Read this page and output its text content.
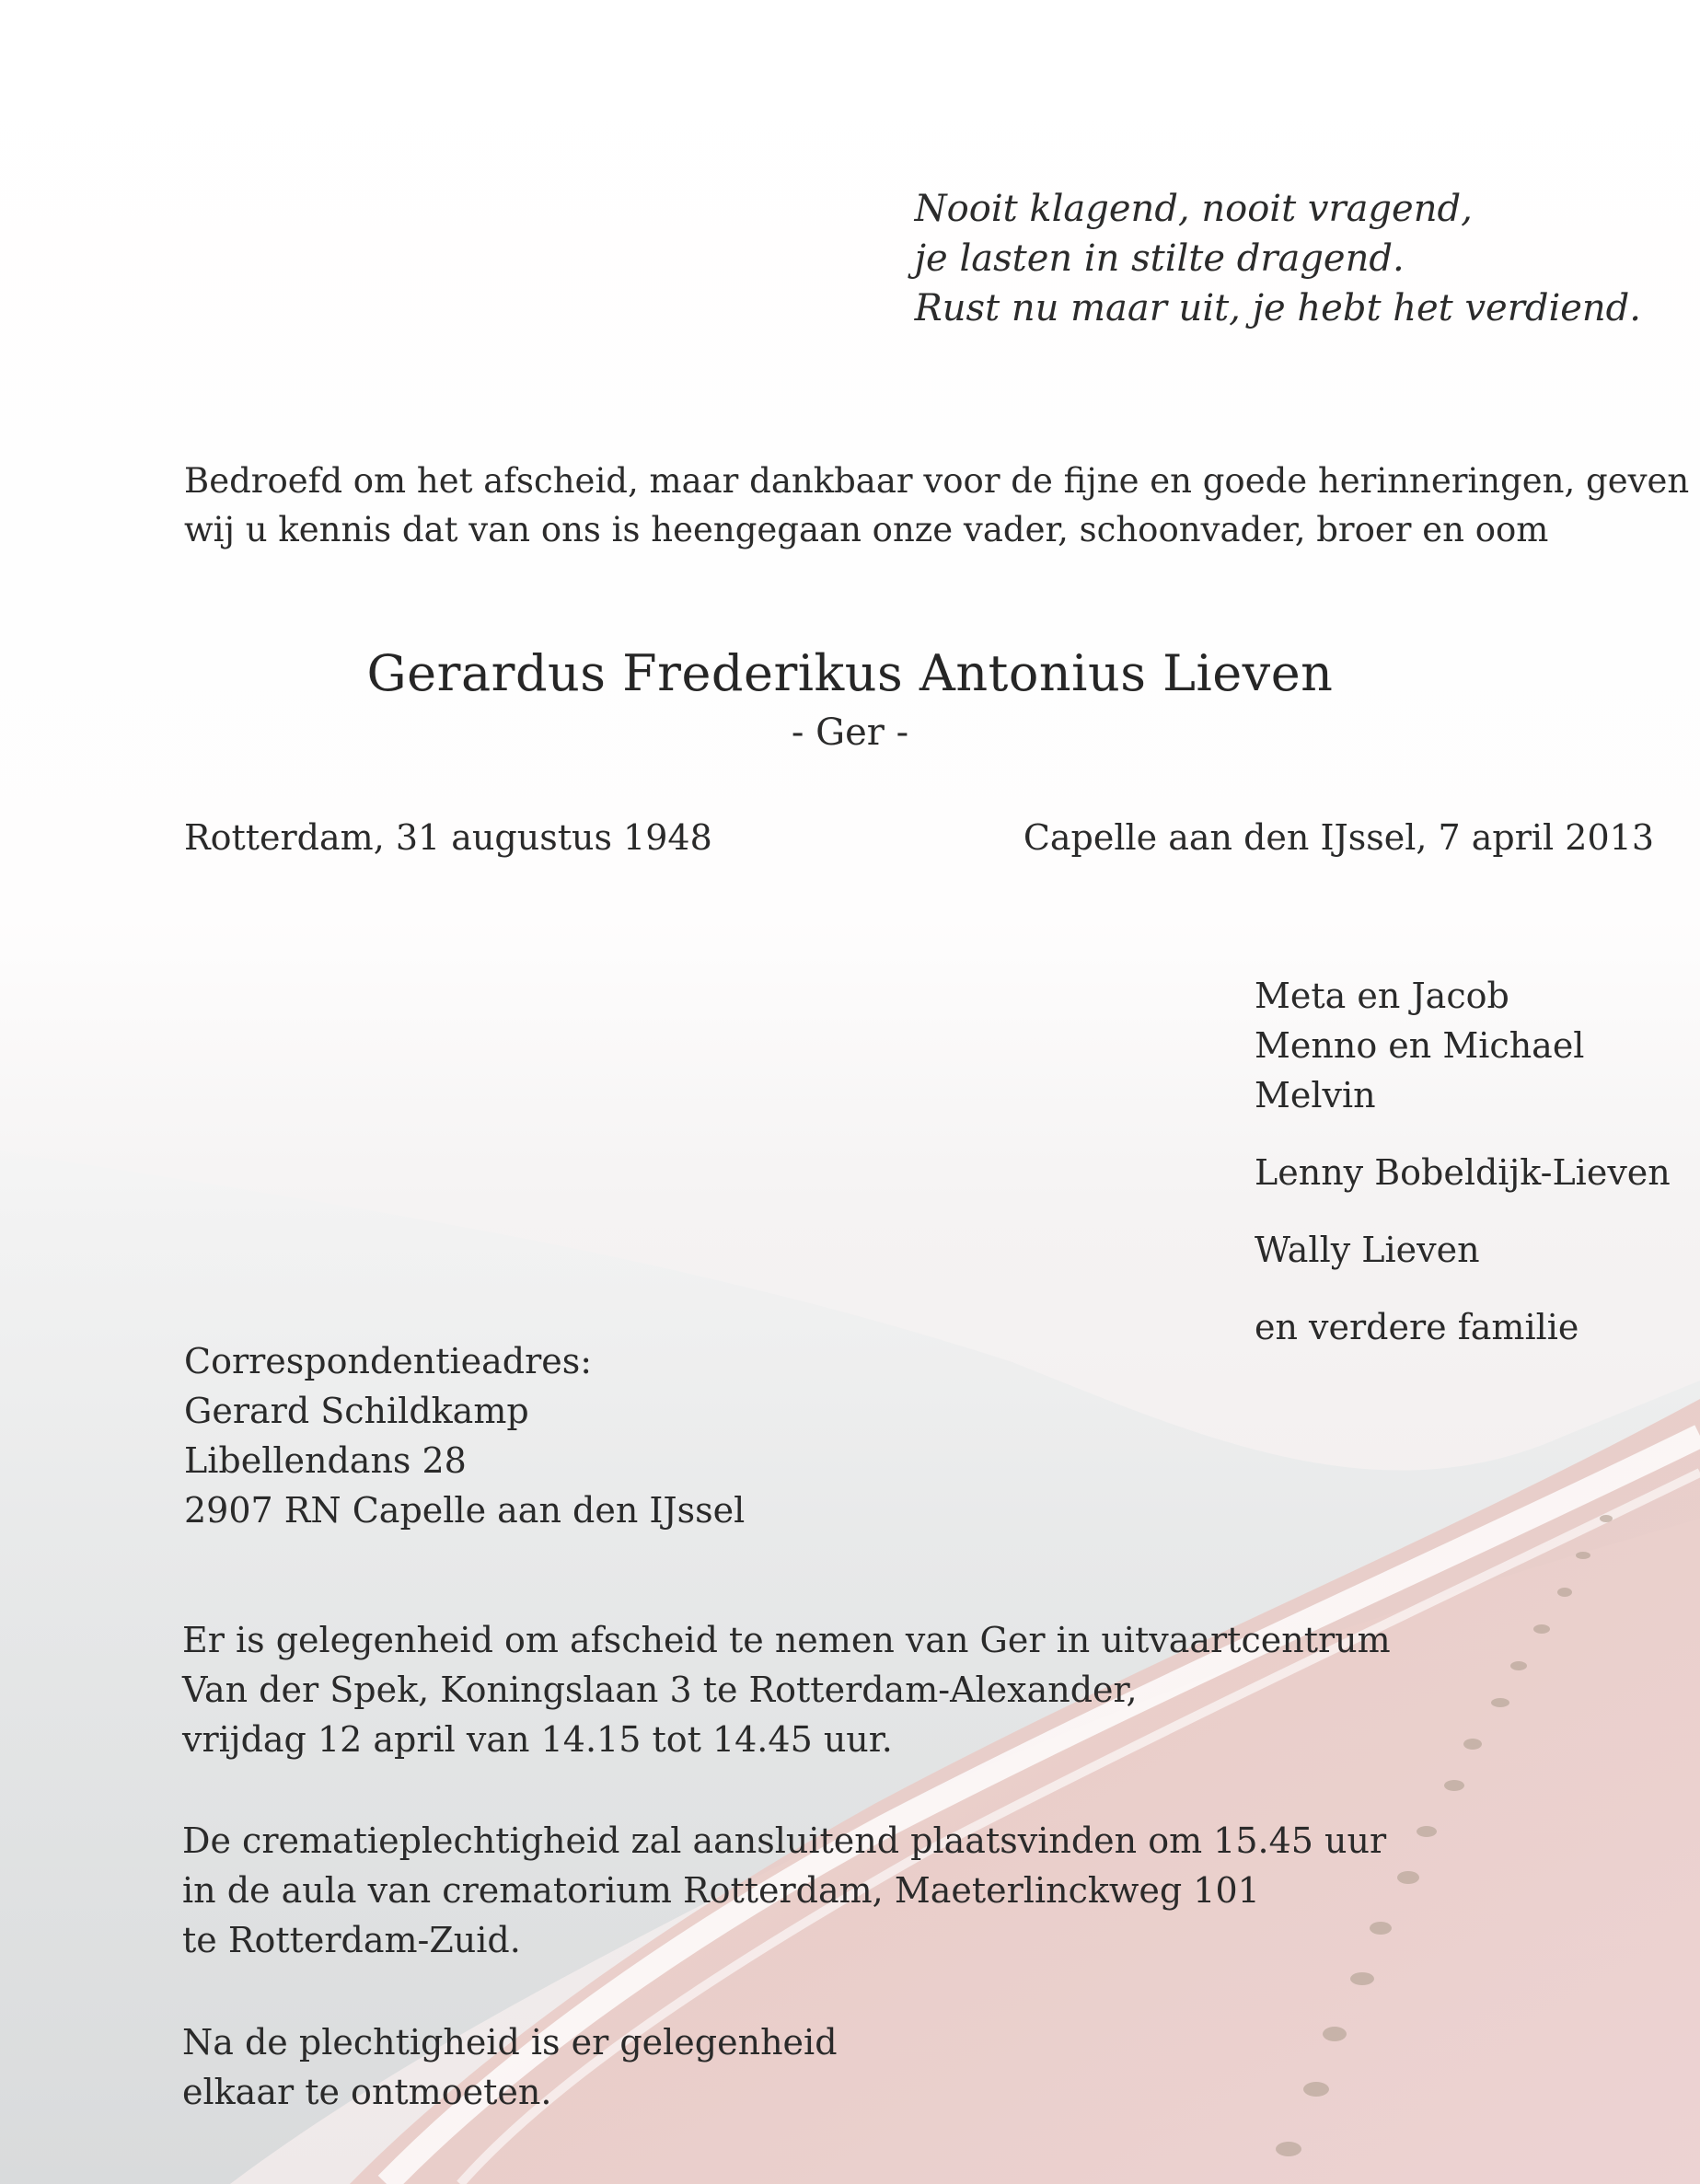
Nooit klagend, nooit vragend,
je lasten in stilte dragend.
Rust nu maar uit, je hebt het verdiend.
Bedroefd om het afscheid, maar dankbaar voor de fijne en goede herinneringen, geven
wij u kennis dat van ons is heengegaan onze vader, schoonvader, broer en oom
Gerardus Frederikus Antonius Lieven
- Ger -
Rotterdam, 31 augustus 1948	Capelle aan den IJssel, 7 april 2013
Meta en Jacob
Menno en Michael
Melvin
Lenny Bobeldijk-Lieven
Wally Lieven
en verdere familie
Correspondentieadres:
Gerard Schildkamp
Libellendans 28
2907 RN Capelle aan den IJssel
Er is gelegenheid om afscheid te nemen van Ger in uitvaartcentrum
Van der Spek, Koningslaan 3 te Rotterdam-Alexander,
vrijdag 12 april van 14.15 tot 14.45 uur.
De crematieplechtigheid zal aansluitend plaatsvinden om 15.45 uur
in de aula van crematorium Rotterdam, Maeterlinckweg 101
te Rotterdam-Zuid.
Na de plechtigheid is er gelegenheid
elkaar te ontmoeten.
